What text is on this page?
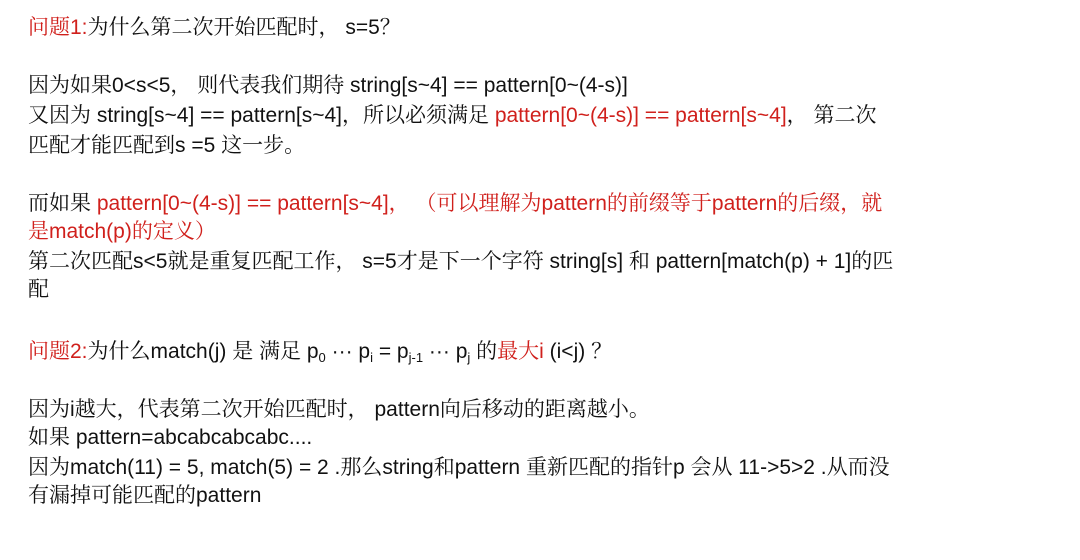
问题1:为什么第二次开始匹配时， s=5？
因为如果0<s<5， 则代表我们期待 string[s~4] == pattern[0~(4-s)]
又因为 string[s~4] == pattern[s~4]，所以必须满足 pattern[0~(4-s)] == pattern[s~4]， 第二次
匹配才能匹配到s =5 这一步。
而如果 pattern[0~(4-s)] == pattern[s~4]， （可以理解为pattern的前缀等于pattern的后缀，就
是match(p)的定义）
第二次匹配s<5就是重复匹配工作， s=5才是下一个字符 string[s] 和 pattern[match(p) + 1]的匹
配
问题2:为什么match(j) 是 满足 $p_0$ ··· $p_i = p_{j-1}$ ··· $p_j$ 的最大i (i<j) ？
因为i越大，代表第二次开始匹配时， pattern向后移动的距离越小。
如果 pattern=abcabcabcabc....
因为match(11) = 5, match(5) = 2 .那么string和pattern 重新匹配的指针p 会从 11->5>2 .从而没
有漏掉可能匹配的pattern
